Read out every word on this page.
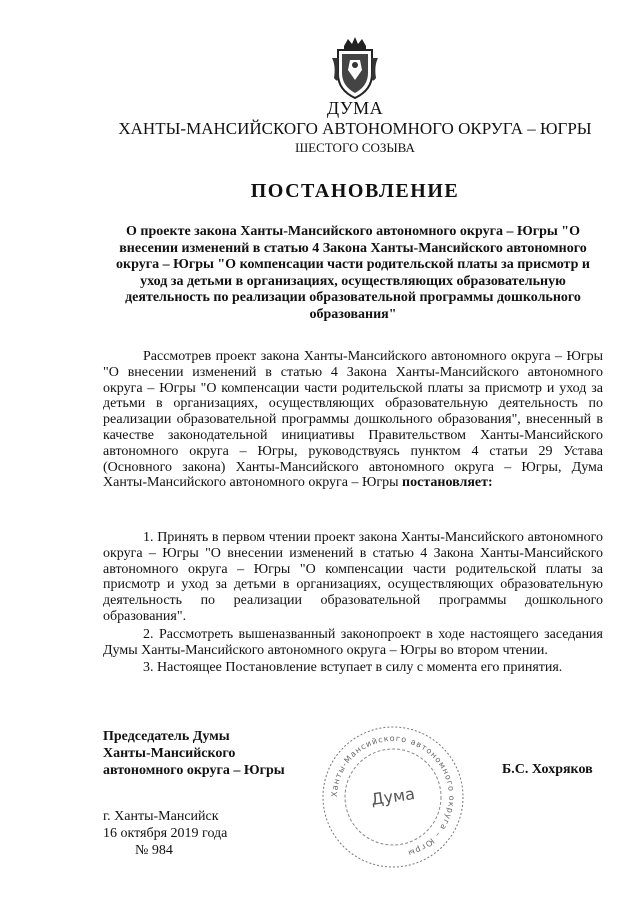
ДУМА
ХАНТЫ-МАНСИЙСКОГО АВТОНОМНОГО ОКРУГА – ЮГРЫ
ШЕСТОГО СОЗЫВА
ПОСТАНОВЛЕНИЕ
О проекте закона Ханты-Мансийского автономного округа – Югры "О внесении изменений в статью 4 Закона Ханты-Мансийского автономного округа – Югры "О компенсации части родительской платы за присмотр и уход за детьми в организациях, осуществляющих образовательную деятельность по реализации образовательной программы дошкольного образования"
Рассмотрев проект закона Ханты-Мансийского автономного округа – Югры "О внесении изменений в статью 4 Закона Ханты-Мансийского автономного округа – Югры "О компенсации части родительской платы за присмотр и уход за детьми в организациях, осуществляющих образовательную деятельность по реализации образовательной программы дошкольного образования", внесенный в качестве законодательной инициативы Правительством Ханты-Мансийского автономного округа – Югры, руководствуясь пунктом 4 статьи 29 Устава (Основного закона) Ханты-Мансийского автономного округа – Югры, Дума Ханты-Мансийского автономного округа – Югры постановляет:

1. Принять в первом чтении проект закона Ханты-Мансийского автономного округа – Югры "О внесении изменений в статью 4 Закона Ханты-Мансийского автономного округа – Югры "О компенсации части родительской платы за присмотр и уход за детьми в организациях, осуществляющих образовательную деятельность по реализации образовательной программы дошкольного образования".

2. Рассмотреть вышеназванный законопроект в ходе настоящего заседания Думы Ханты-Мансийского автономного округа – Югры во втором чтении.

3. Настоящее Постановление вступает в силу с момента его принятия.

Председатель Думы
Ханты-Мансийского
автономного округа – Югры
Ханты-Мансийского автономного округа – Югры
Дума
Б.С. Хохряков
г. Ханты-Мансийск
16 октября 2019 года
№ 984
